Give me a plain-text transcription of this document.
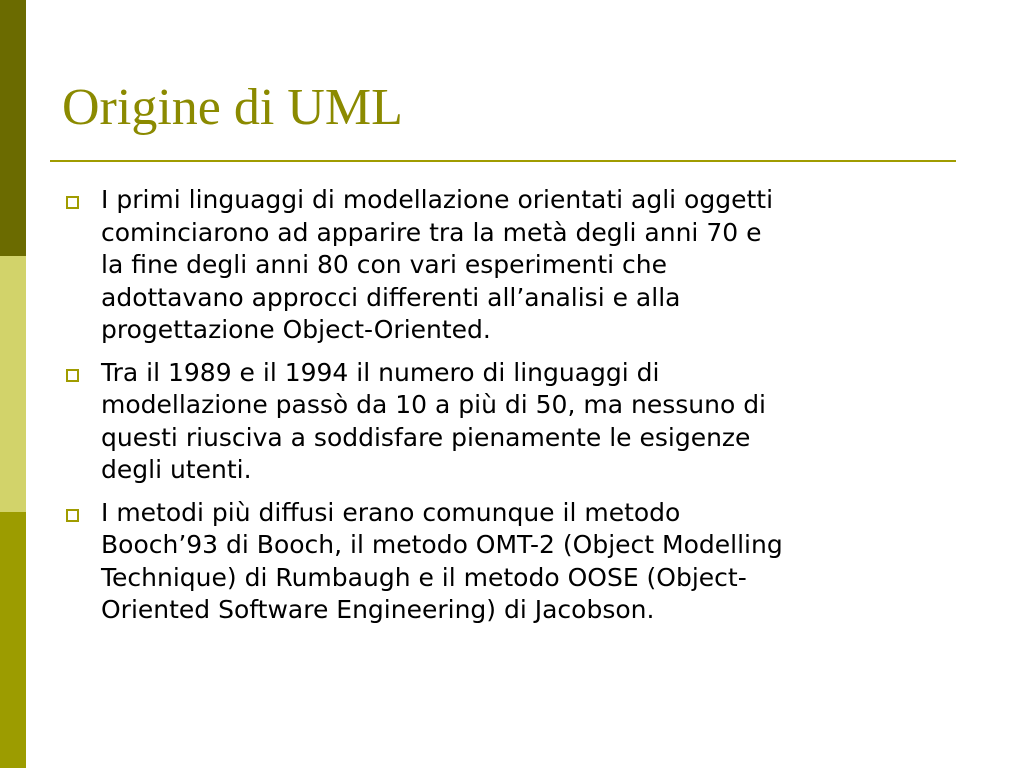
Origine di UML
I primi linguaggi di modellazione orientati agli oggetti
cominciarono ad apparire tra la metà degli anni 70 e
la fine degli anni 80 con vari esperimenti che
adottavano approcci differenti all’analisi e alla
progettazione Object-Oriented.
Tra il 1989 e il 1994 il numero di linguaggi di
modellazione passò da 10 a più di 50, ma nessuno di
questi riusciva a soddisfare pienamente le esigenze
degli utenti.
I metodi più diffusi erano comunque il metodo
Booch’93 di Booch, il metodo OMT-2 (Object Modelling
Technique) di Rumbaugh e il metodo OOSE (Object-
Oriented Software Engineering) di Jacobson.
